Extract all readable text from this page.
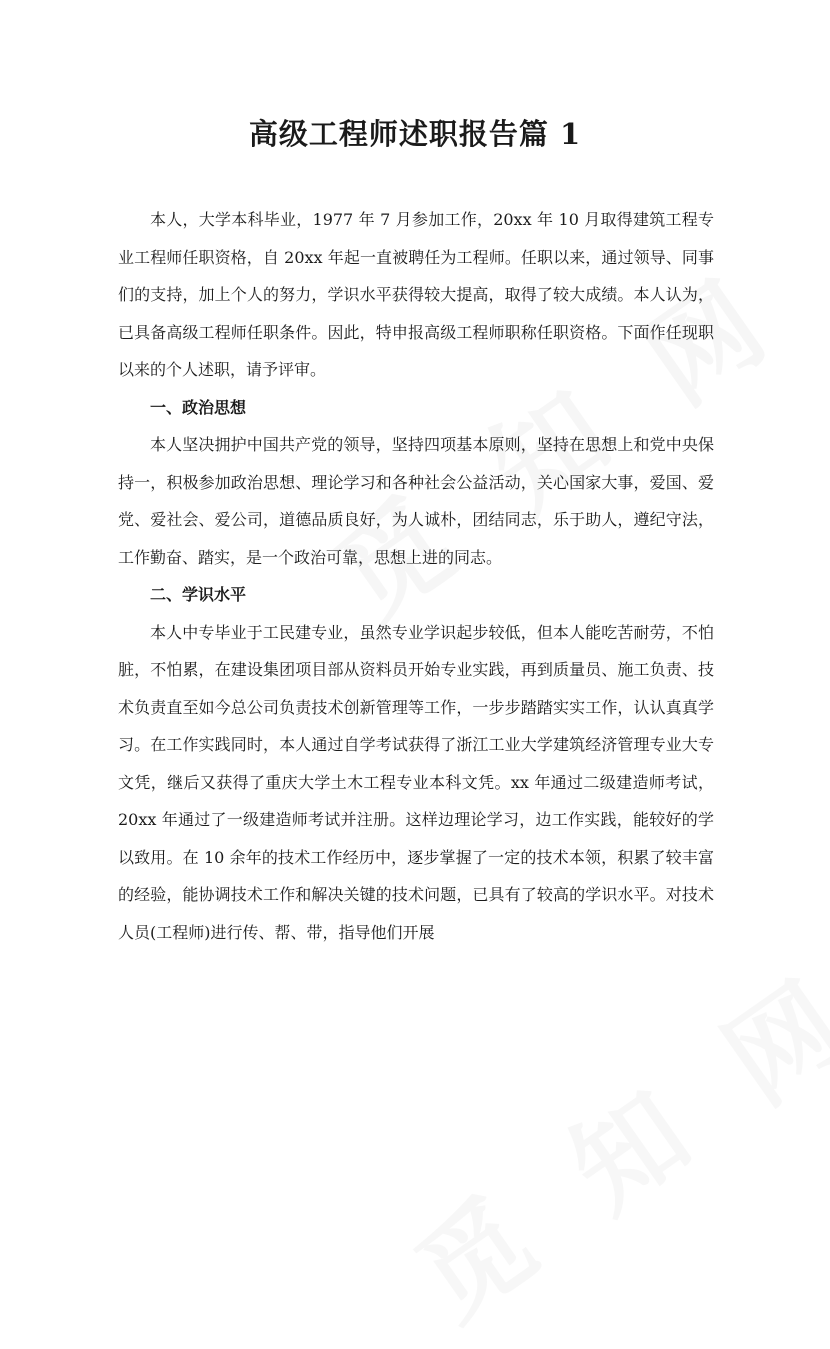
高级工程师述职报告篇 1

本人，大学本科毕业，1977 年 7 月参加工作，20xx 年 10 月取得建筑工程专业工程师任职资格，自 20xx 年起一直被聘任为工程师。任职以来，通过领导、同事们的支持，加上个人的努力，学识水平获得较大提高，取得了较大成绩。本人认为，已具备高级工程师任职条件。因此，特申报高级工程师职称任职资格。下面作任现职以来的个人述职，请予评审。

一、政治思想

本人坚决拥护中国共产党的领导，坚持四项基本原则，坚持在思想上和党中央保持一，积极参加政治思想、理论学习和各种社会公益活动，关心国家大事，爱国、爱党、爱社会、爱公司，道德品质良好，为人诚朴，团结同志，乐于助人，遵纪守法，工作勤奋、踏实，是一个政治可靠，思想上进的同志。

二、学识水平

本人中专毕业于工民建专业，虽然专业学识起步较低，但本人能吃苦耐劳，不怕脏，不怕累，在建设集团项目部从资料员开始专业实践，再到质量员、施工负责、技术负责直至如今总公司负责技术创新管理等工作，一步步踏踏实实工作，认认真真学习。在工作实践同时，本人通过自学考试获得了浙江工业大学建筑经济管理专业大专文凭，继后又获得了重庆大学土木工程专业本科文凭。xx 年通过二级建造师考试，20xx 年通过了一级建造师考试并注册。这样边理论学习，边工作实践，能较好的学以致用。在 10 余年的技术工作经历中，逐步掌握了一定的技术本领，积累了较丰富的经验，能协调技术工作和解决关键的技术问题，已具有了较高的学识水平。对技术人员(工程师)进行传、帮、带，指导他们开展
